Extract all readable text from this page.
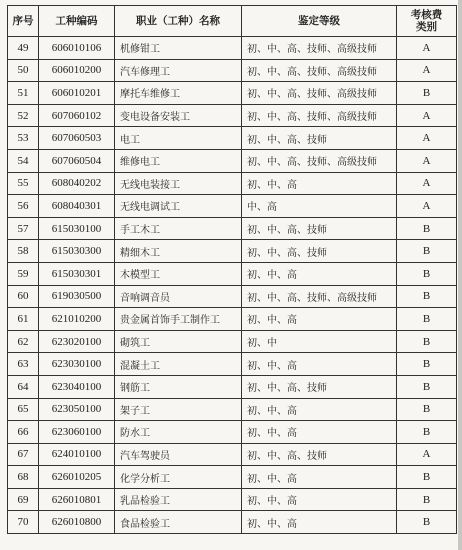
序号	工种编码	职业（工种）名称	鉴定等级	考核费
类别

49	606010106	机修钳工	初、中、高、技师、高级技师	A
50	606010200	汽车修理工	初、中、高、技师、高级技师	A
51	606010201	摩托车维修工	初、中、高、技师、高级技师	B
52	607060102	变电设备安装工	初、中、高、技师、高级技师	A
53	607060503	电工	初、中、高、技师	A
54	607060504	维修电工	初、中、高、技师、高级技师	A
55	608040202	无线电装接工	初、中、高	A
56	608040301	无线电调试工	中、高	A
57	615030100	手工木工	初、中、高、技师	B
58	615030300	精细木工	初、中、高、技师	B
59	615030301	木模型工	初、中、高	B
60	619030500	音响调音员	初、中、高、技师、高级技师	B
61	621010200	贵金属首饰手工制作工	初、中、高	B
62	623020100	砌筑工	初、中	B
63	623030100	混凝土工	初、中、高	B
64	623040100	钢筋工	初、中、高、技师	B
65	623050100	架子工	初、中、高	B
66	623060100	防水工	初、中、高	B
67	624010100	汽车驾驶员	初、中、高、技师	A
68	626010205	化学分析工	初、中、高	B
69	626010801	乳品检验工	初、中、高	B
70	626010800	食品检验工	初、中、高	B
